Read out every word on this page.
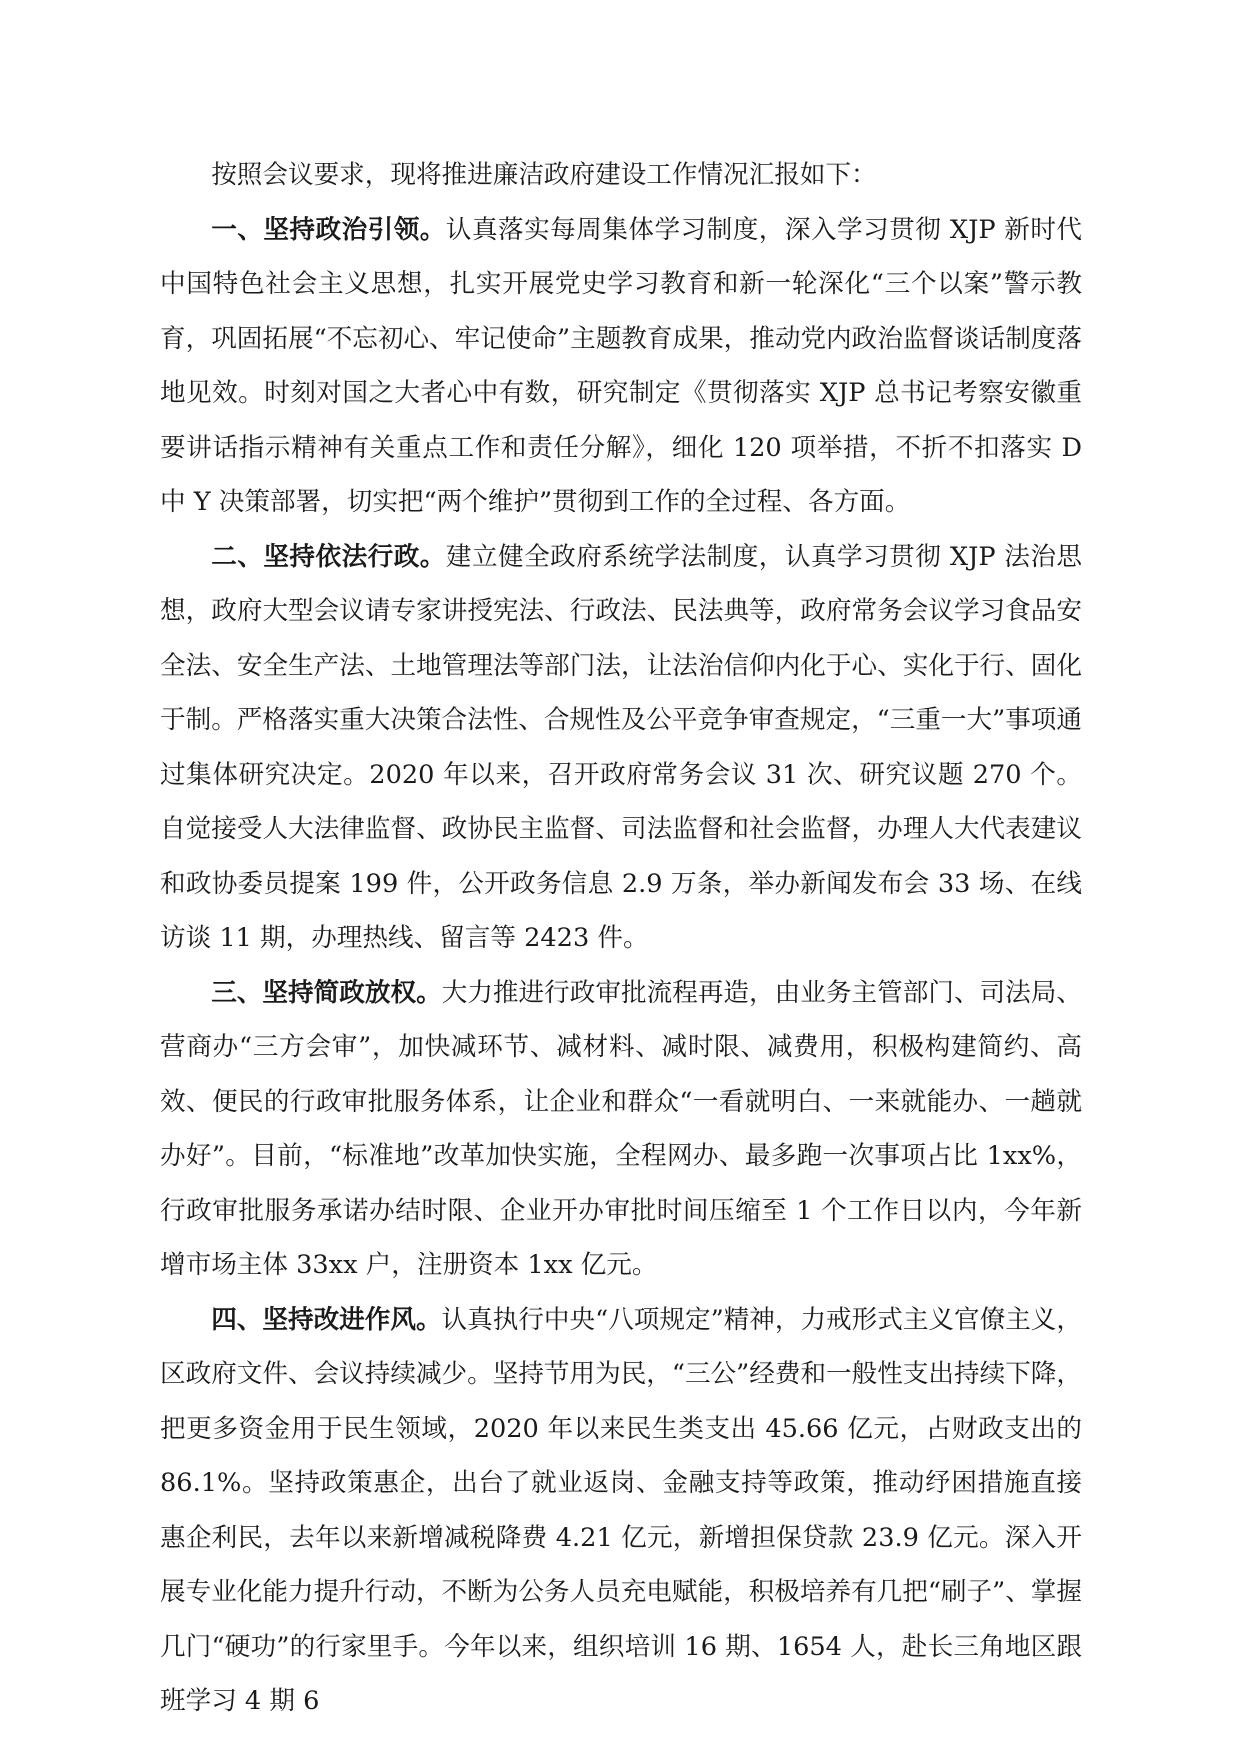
按照会议要求，现将推进廉洁政府建设工作情况汇报如下：

一、坚持政治引领。认真落实每周集体学习制度，深入学习贯彻 XJP 新时代中国特色社会主义思想，扎实开展党史学习教育和新一轮深化“三个以案”警示教育，巩固拓展“不忘初心、牢记使命”主题教育成果，推动党内政治监督谈话制度落地见效。时刻对国之大者心中有数，研究制定《贯彻落实 XJP 总书记考察安徽重要讲话指示精神有关重点工作和责任分解》，细化 120 项举措，不折不扣落实 D 中 Y 决策部署，切实把“两个维护”贯彻到工作的全过程、各方面。

二、坚持依法行政。建立健全政府系统学法制度，认真学习贯彻 XJP 法治思想，政府大型会议请专家讲授宪法、行政法、民法典等，政府常务会议学习食品安全法、安全生产法、土地管理法等部门法，让法治信仰内化于心、实化于行、固化于制。严格落实重大决策合法性、合规性及公平竞争审查规定，“三重一大”事项通过集体研究决定。2020 年以来，召开政府常务会议 31 次、研究议题 270 个。自觉接受人大法律监督、政协民主监督、司法监督和社会监督，办理人大代表建议和政协委员提案 199 件，公开政务信息 2.9 万条，举办新闻发布会 33 场、在线访谈 11 期，办理热线、留言等 2423 件。

三、坚持简政放权。大力推进行政审批流程再造，由业务主管部门、司法局、营商办“三方会审”，加快减环节、减材料、减时限、减费用，积极构建简约、高效、便民的行政审批服务体系，让企业和群众“一看就明白、一来就能办、一趟就办好”。目前，“标准地”改革加快实施，全程网办、最多跑一次事项占比 1xx%，行政审批服务承诺办结时限、企业开办审批时间压缩至 1 个工作日以内，今年新增市场主体 33xx 户，注册资本 1xx 亿元。

四、坚持改进作风。认真执行中央“八项规定”精神，力戒形式主义官僚主义，区政府文件、会议持续减少。坚持节用为民，“三公”经费和一般性支出持续下降，把更多资金用于民生领域，2020 年以来民生类支出 45.66 亿元，占财政支出的 86.1%。坚持政策惠企，出台了就业返岗、金融支持等政策，推动纾困措施直接惠企利民，去年以来新增减税降费 4.21 亿元，新增担保贷款 23.9 亿元。深入开展专业化能力提升行动，不断为公务人员充电赋能，积极培养有几把“刷子”、掌握几门“硬功”的行家里手。今年以来，组织培训 16 期、1654 人，赴长三角地区跟班学习 4 期 6
